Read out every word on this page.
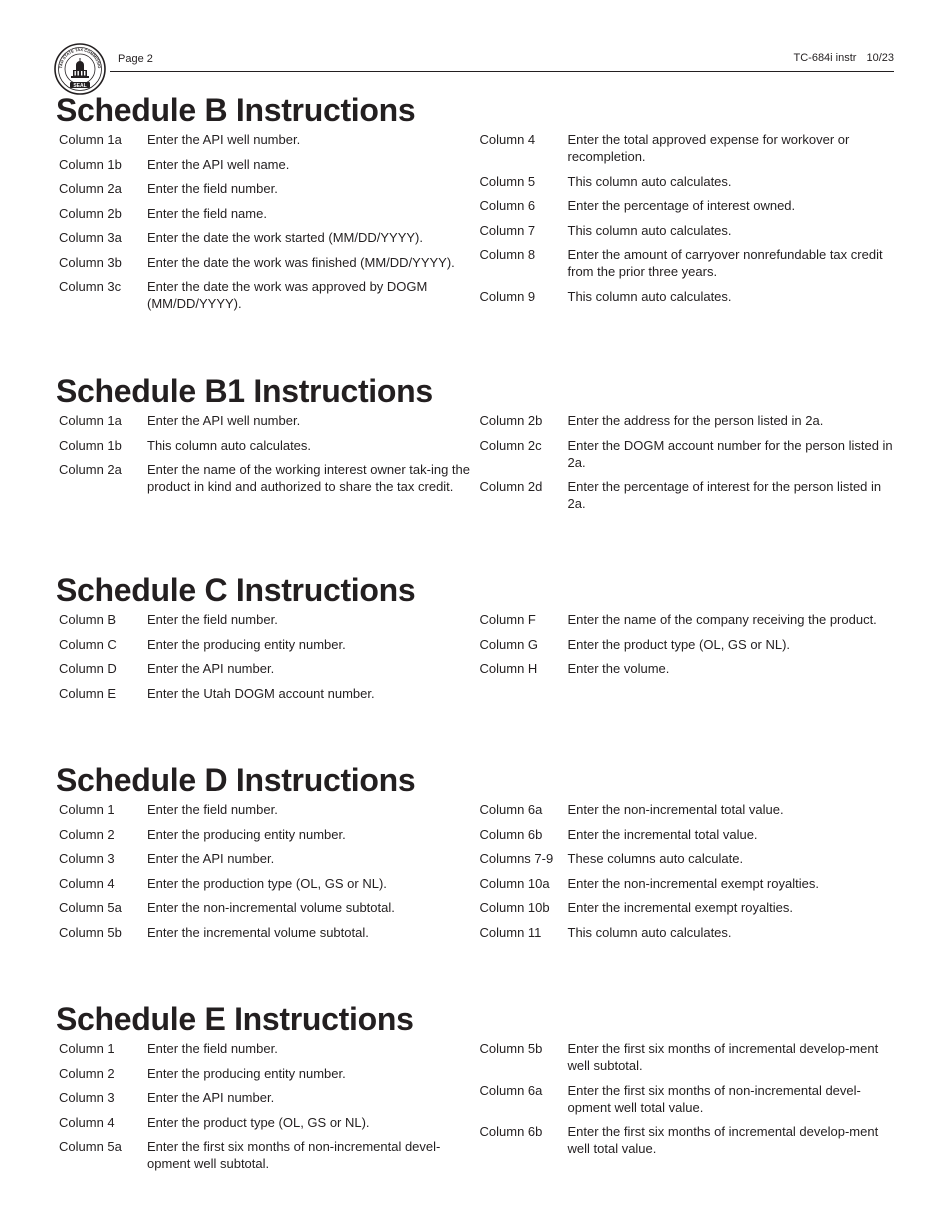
SEAL
TAH STATE TAX COMMISSIO
Page 2	TC-684i instr 10/23
Schedule B Instructions
Column 1a	Enter the API well number.
Column 1b	Enter the API well name.
Column 2a	Enter the field number.
Column 2b	Enter the field name.
Column 3a	Enter the date the work started (MM/DD/YYYY).
Column 3b	Enter the date the work was finished (MM/DD/YYYY).
Column 3c	Enter the date the work was approved by DOGM (MM/DD/YYYY).
Column 4	Enter the total approved expense for workover or recompletion.
Column 5	This column auto calculates.
Column 6	Enter the percentage of interest owned.
Column 7	This column auto calculates.
Column 8	Enter the amount of carryover nonrefundable tax credit from the prior three years.
Column 9	This column auto calculates.
Schedule B1 Instructions
Column 1a	Enter the API well number.
Column 1b	This column auto calculates.
Column 2a	Enter the name of the working interest owner tak-ing the product in kind and authorized to share the tax credit.
Column 2b	Enter the address for the person listed in 2a.
Column 2c	Enter the DOGM account number for the person listed in 2a.
Column 2d	Enter the percentage of interest for the person listed in 2a.
Schedule C Instructions
Column B	Enter the field number.
Column C	Enter the producing entity number.
Column D	Enter the API number.
Column E	Enter the Utah DOGM account number.
Column F	Enter the name of the company receiving the product.
Column G	Enter the product type (OL, GS or NL).
Column H	Enter the volume.
Schedule D Instructions
Column 1	Enter the field number.
Column 2	Enter the producing entity number.
Column 3	Enter the API number.
Column 4	Enter the production type (OL, GS or NL).
Column 5a	Enter the non-incremental volume subtotal.
Column 5b	Enter the incremental volume subtotal.
Column 6a	Enter the non-incremental total value.
Column 6b	Enter the incremental total value.
Columns 7-9	These columns auto calculate.
Column 10a	Enter the non-incremental exempt royalties.
Column 10b	Enter the incremental exempt royalties.
Column 11	This column auto calculates.
Schedule E Instructions
Column 1	Enter the field number.
Column 2	Enter the producing entity number.
Column 3	Enter the API number.
Column 4	Enter the product type (OL, GS or NL).
Column 5a	Enter the first six months of non-incremental devel-opment well subtotal.
Column 5b	Enter the first six months of incremental develop-ment well subtotal.
Column 6a	Enter the first six months of non-incremental devel-opment well total value.
Column 6b	Enter the first six months of incremental develop-ment well total value.
